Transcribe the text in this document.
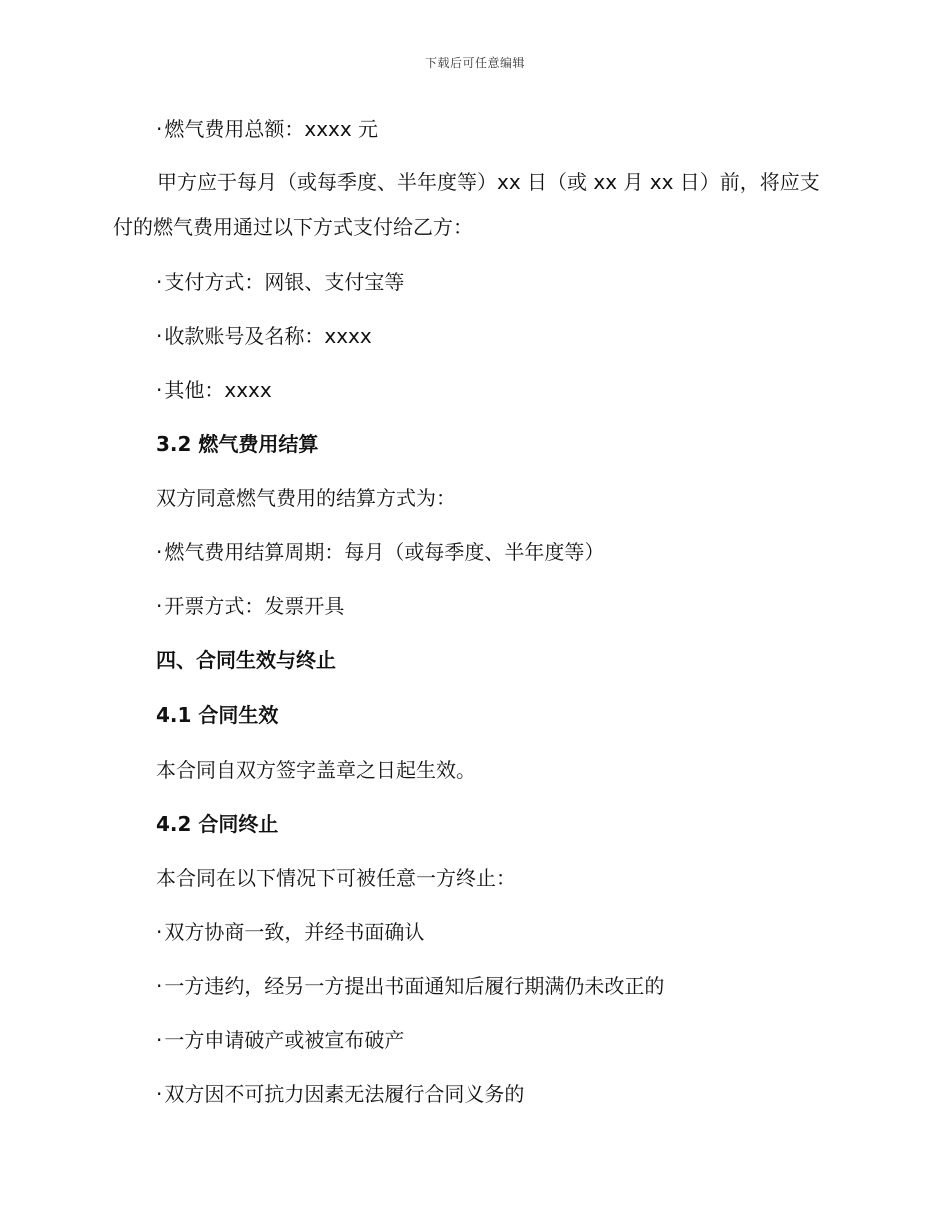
下载后可任意编辑
· 燃气费用总额：xxxx 元

甲方应于每月（或每季度、半年度等）xx 日（或 xx 月 xx 日）前，将应支付的燃气费用通过以下方式支付给乙方：

· 支付方式：网银、支付宝等
· 收款账号及名称：xxxx
· 其他：xxxx
3.2 燃气费用结算
双方同意燃气费用的结算方式为：
· 燃气费用结算周期：每月（或每季度、半年度等）
· 开票方式：发票开具
四、合同生效与终止
4.1 合同生效
本合同自双方签字盖章之日起生效。
4.2 合同终止
本合同在以下情况下可被任意一方终止：
· 双方协商一致，并经书面确认
· 一方违约，经另一方提出书面通知后履行期满仍未改正的
· 一方申请破产或被宣布破产
· 双方因不可抗力因素无法履行合同义务的
